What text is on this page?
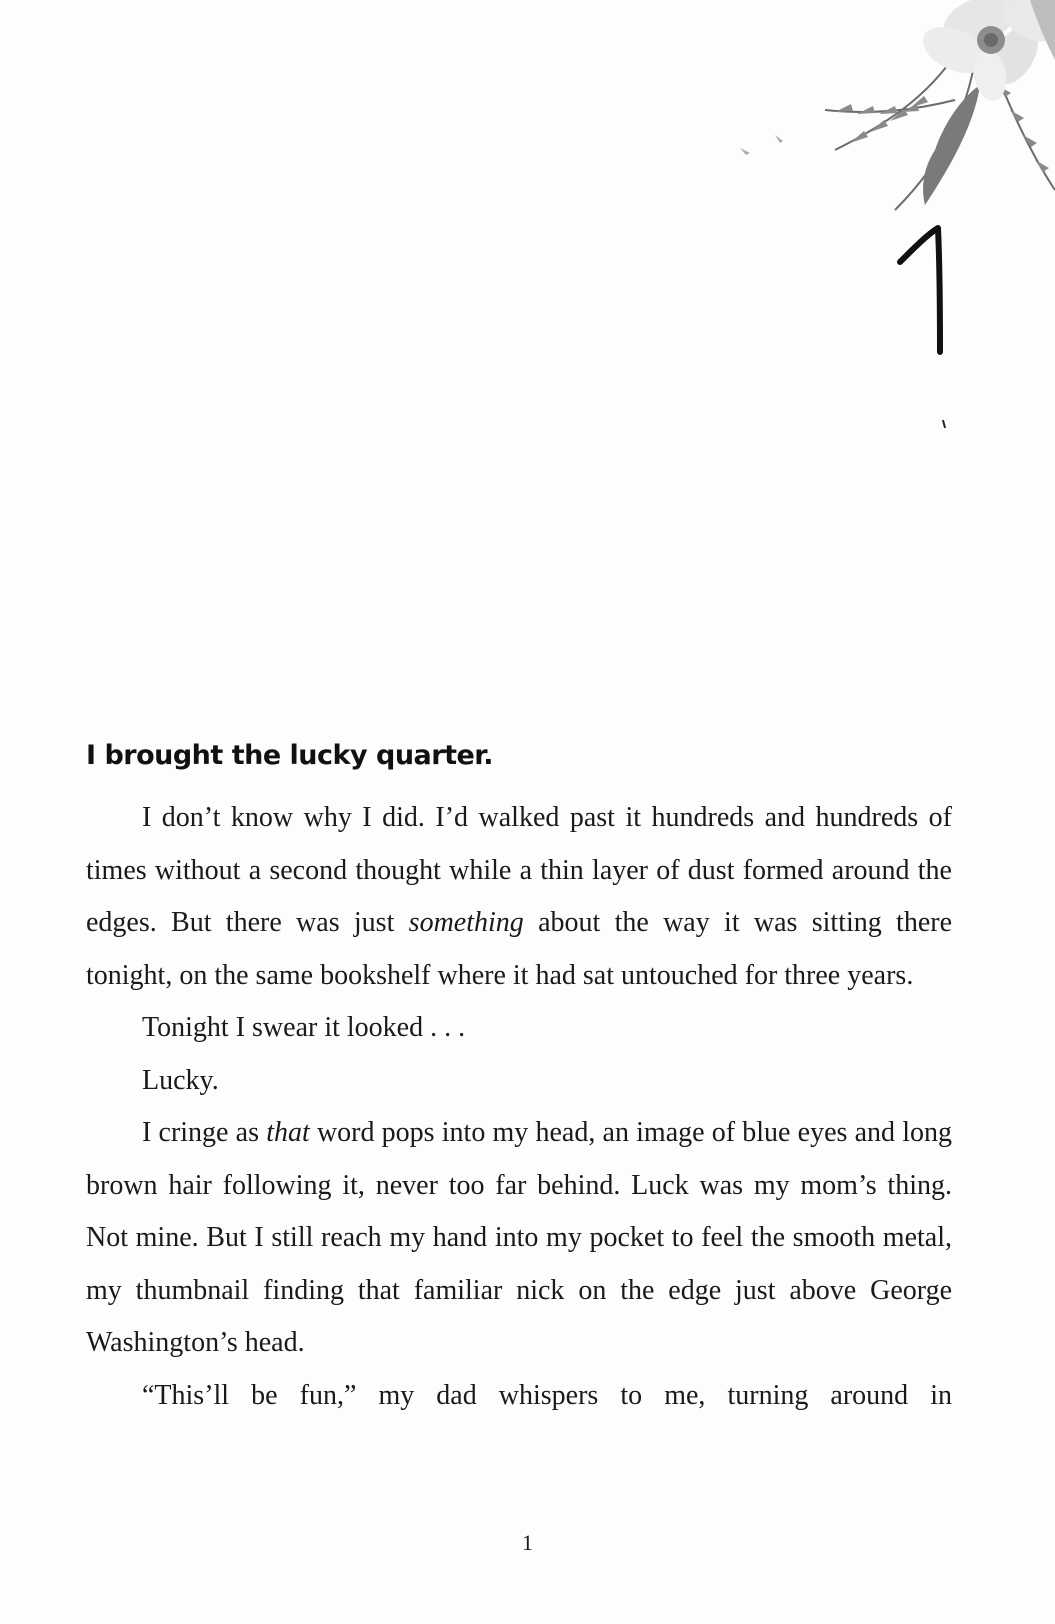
1
I brought the lucky quarter.

I don’t know why I did. I’d walked past it hundreds and hundreds of times without a second thought while a thin layer of dust formed around the edges. But there was just something about the way it was sitting there tonight, on the same bookshelf where it had sat untouched for three years.

Tonight I swear it looked . . .

Lucky.

I cringe as that word pops into my head, an image of blue eyes and long brown hair following it, never too far behind. Luck was my mom’s thing. Not mine. But I still reach my hand into my pocket to feel the smooth metal, my thumbnail finding that familiar nick on the edge just above George Washington’s head.

“This’ll be fun,” my dad whispers to me, turning around in

1
